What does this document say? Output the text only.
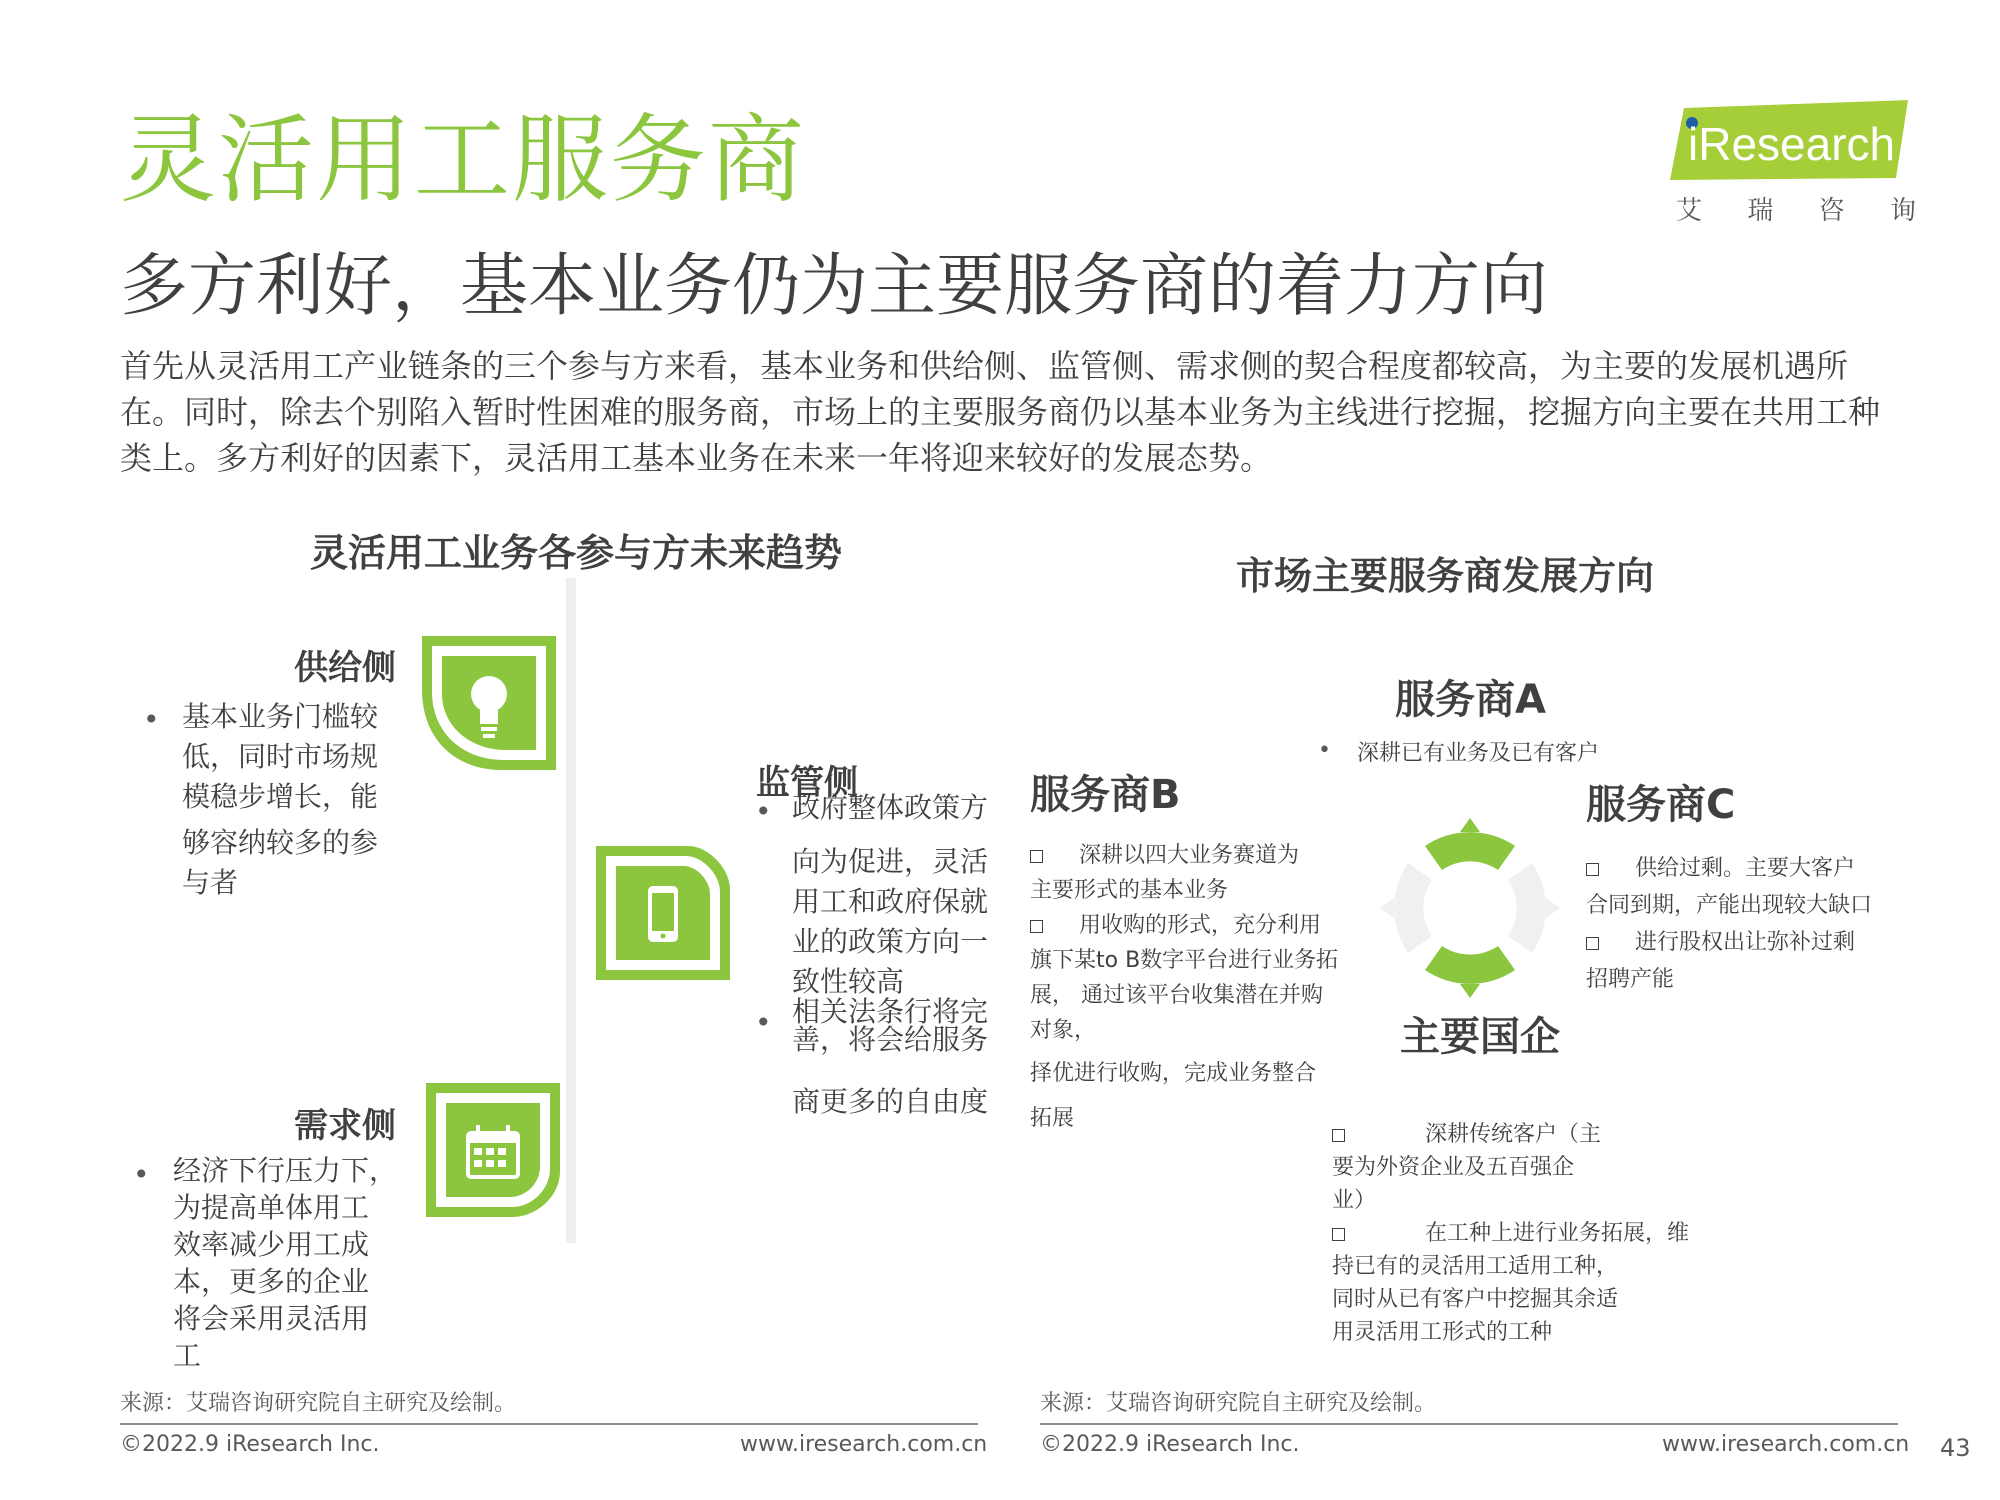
灵活用工服务商
多方利好，基本业务仍为主要服务商的着力方向
首先从灵活用工产业链条的三个参与方来看，基本业务和供给侧、监管侧、需求侧的契合程度都较高，为主要的发展机遇所在。同时，除去个别陷入暂时性困难的服务商，市场上的主要服务商仍以基本业务为主线进行挖掘，挖掘方向主要在共用工种类上。多方利好的因素下，灵活用工基本业务在未来一年将迎来较好的发展态势。
iResearch
艾 瑞 咨 询
灵活用工业务各参与方未来趋势
供给侧
• 基本业务门槛较
低，同时市场规
模稳步增长，能
够容纳较多的参
与者
监管侧
• 政府整体政策方
向为促进，灵活
用工和政府保就
业的政策方向一
致性较高
• 相关法条行将完
善，将会给服务
商更多的自由度
需求侧
• 经济下行压力下，
为提高单体用工
效率减少用工成
本，更多的企业
将会采用灵活用
工
市场主要服务商发展方向
服务商A
• 深耕已有业务及已有客户
服务商B
深耕以四大业务赛道为
主要形式的基本业务
用收购的形式，充分利用
旗下某to B数字平台进行业务拓
展， 通过该平台收集潜在并购
对象，
择优进行收购，完成业务整合
拓展
服务商C
供给过剩。主要大客户
合同到期，产能出现较大缺口
进行股权出让弥补过剩
招聘产能
主要国企
深耕传统客户（主
要为外资企业及五百强企
业）
在工种上进行业务拓展，维
持已有的灵活用工适用工种，
同时从已有客户中挖掘其余适
用灵活用工形式的工种
来源：艾瑞咨询研究院自主研究及绘制。	来源：艾瑞咨询研究院自主研究及绘制。
©2022.9 iResearch Inc.	www.iresearch.com.cn ©2022.9 iResearch Inc.	www.iresearch.com.cn 43
